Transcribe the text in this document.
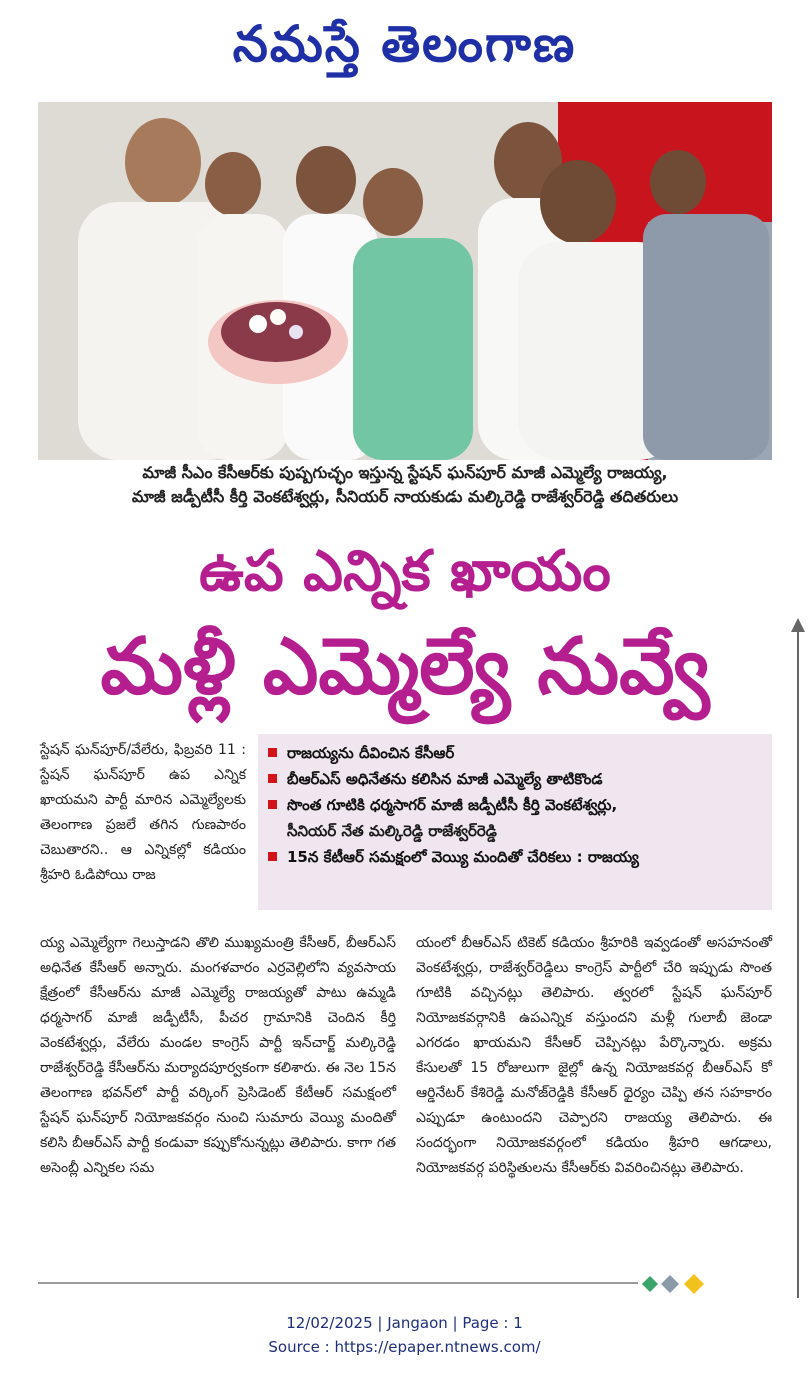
నమస్తే తెలంగాణ
మాజీ సీఎం కేసీఆర్‌కు పుష్పగుచ్ఛం ఇస్తున్న స్టేషన్ ఘన్‌పూర్ మాజీ ఎమ్మెల్యే రాజయ్య,
మాజీ జడ్పీటీసీ కీర్తి వెంకటేశ్వర్లు, సీనియర్ నాయకుడు మల్కిరెడ్డి రాజేశ్వర్‌రెడ్డి తదితరులు
ఉప ఎన్నిక ఖాయం
మళ్లీ ఎమ్మెల్యే నువ్వే
స్టేషన్ ఘన్‌పూర్/వేలేరు, ఫిబ్రవరి 11 : స్టేషన్ ఘన్‌పూర్ ఉప ఎన్నిక ఖాయమని పార్టీ మారిన ఎమ్మెల్యేలకు తెలంగాణ ప్రజలే తగిన గుణపాఠం చెబుతారని.. ఆ ఎన్నికల్లో కడియం శ్రీహరి ఓడిపోయి రాజ
రాజయ్యను దీవించిన కేసీఆర్
బీఆర్‌ఎస్ అధినేతను కలిసిన మాజీ ఎమ్మెల్యే తాటికొండ
సొంత గూటికి ధర్మసాగర్ మాజీ జడ్పీటీసీ కీర్తి వెంకటేశ్వర్లు,
సీనియర్ నేత మల్కిరెడ్డి రాజేశ్వర్‌రెడ్డి
15న కేటీఆర్ సమక్షంలో వెయ్యి మందితో చేరికలు : రాజయ్య
య్య ఎమ్మెల్యేగా గెలుస్తాడని తొలి ముఖ్యమంత్రి కేసీఆర్, బీఆర్‌ఎస్ అధినేత కేసీఆర్ అన్నారు. మంగళవారం ఎర్రవెల్లిలోని వ్యవసాయ క్షేత్రంలో కేసీఆర్‌ను మాజీ ఎమ్మెల్యే రాజయ్యతో పాటు ఉమ్మడి ధర్మసాగర్ మాజీ జడ్పీటీసీ, పీచర గ్రామానికి చెందిన కీర్తి వెంకటేశ్వర్లు, వేలేరు మండల కాంగ్రెస్ పార్టీ ఇన్‌చార్జ్ మల్కిరెడ్డి రాజేశ్వర్‌రెడ్డి కేసీఆర్‌ను మర్యాదపూర్వకంగా కలిశారు. ఈ నెల 15న తెలంగాణ భవన్‌లో పార్టీ వర్కింగ్ ప్రెసిడెంట్ కేటీఆర్ సమక్షంలో స్టేషన్ ఘన్‌పూర్ నియోజకవర్గం నుంచి సుమారు వెయ్యి మందితో కలిసి బీఆర్‌ఎస్ పార్టీ కండువా కప్పుకోనున్నట్లు తెలిపారు. కాగా గత అసెంబ్లీ ఎన్నికల సమ
యంలో బీఆర్‌ఎస్ టికెట్ కడియం శ్రీహరికి ఇవ్వడంతో అసహనంతో వెంకటేశ్వర్లు, రాజేశ్వర్‌రెడ్డిలు కాంగ్రెస్ పార్టీలో చేరి ఇప్పుడు సొంత గూటికి వచ్చినట్లు తెలిపారు. త్వరలో స్టేషన్ ఘన్‌పూర్ నియోజకవర్గానికి ఉపఎన్నిక వస్తుందని మళ్లీ గులాబీ జెండా ఎగరడం ఖాయమని కేసీఆర్ చెప్పినట్లు పేర్కొన్నారు. అక్రమ కేసులతో 15 రోజులుగా జైల్లో ఉన్న నియోజకవర్గ బీఆర్‌ఎస్ కో ఆర్డినేటర్ కేశిరెడ్డి మనోజ్‌రెడ్డికి కేసీఆర్ ధైర్యం చెప్పి తన సహకారం ఎప్పుడూ ఉంటుందని చెప్పారని రాజయ్య తెలిపారు. ఈ సందర్భంగా నియోజకవర్గంలో కడియం శ్రీహరి ఆగడాలు, నియోజకవర్గ పరిస్థితులను కేసీఆర్‌కు వివరించినట్లు తెలిపారు.
12/02/2025 | Jangaon | Page : 1
Source : https://epaper.ntnews.com/
